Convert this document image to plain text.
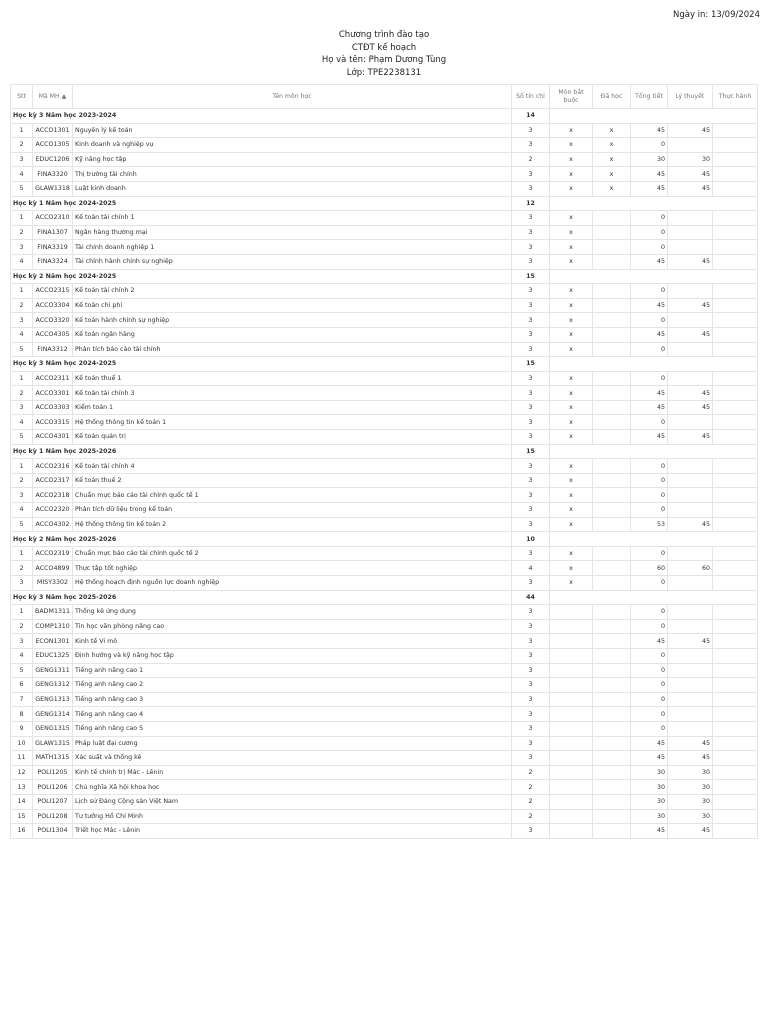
Ngày in: 13/09/2024
Chương trình đào tạo
CTĐT kế hoạch
Họ và tên: Phạm Dương Tùng
Lớp: TPE2238131
Stt	Mã MH ▲	Tên môn học	Số tín chỉ	Môn bắt buộc	Đã học	Tổng tiết	Lý thuyết	Thực hành
Học kỳ 3 Năm học 2023-2024			14					
1	ACCO1301	Nguyên lý kế toán	3	x	x	45	45	
2	ACCO1305	Kinh doanh và nghiệp vụ	3	x	x	0		
3	EDUC1206	Kỹ năng học tập	2	x	x	30	30	
4	FINA3320	Thị trường tài chính	3	x	x	45	45	
5	GLAW1318	Luật kinh doanh	3	x	x	45	45	
Học kỳ 1 Năm học 2024-2025			12					
1	ACCO2310	Kế toán tài chính 1	3	x		0		
2	FINA1307	Ngân hàng thương mại	3	x		0		
3	FINA3319	Tài chính doanh nghiệp 1	3	x		0		
4	FINA3324	Tài chính hành chính sự nghiệp	3	x		45	45	
Học kỳ 2 Năm học 2024-2025			15					
1	ACCO2315	Kế toán tài chính 2	3	x		0		
2	ACCO3304	Kế toán chi phí	3	x		45	45	
3	ACCO3320	Kế toán hành chính sự nghiệp	3	x		0		
4	ACCO4305	Kế toán ngân hàng	3	x		45	45	
5	FINA3312	Phân tích báo cáo tài chính	3	x		0		
Học kỳ 3 Năm học 2024-2025			15					
1	ACCO2311	Kế toán thuế 1	3	x		0		
2	ACCO3301	Kế toán tài chính 3	3	x		45	45	
3	ACCO3303	Kiểm toán 1	3	x		45	45	
4	ACCO3315	Hệ thống thông tin kế toán 1	3	x		0		
5	ACCO4301	Kế toán quản trị	3	x		45	45	
Học kỳ 1 Năm học 2025-2026			15					
1	ACCO2316	Kế toán tài chính 4	3	x		0		
2	ACCO2317	Kế toán thuế 2	3	x		0		
3	ACCO2318	Chuẩn mực báo cáo tài chính quốc tế 1	3	x		0		
4	ACCO2320	Phân tích dữ liệu trong kế toán	3	x		0		
5	ACCO4302	Hệ thống thông tin kế toán 2	3	x		53	45	
Học kỳ 2 Năm học 2025-2026			10					
1	ACCO2319	Chuẩn mực báo cáo tài chính quốc tế 2	3	x		0		
2	ACCO4899	Thực tập tốt nghiệp	4	x		60	60	
3	MISY3302	Hệ thống hoạch định nguồn lực doanh nghiệp	3	x		0		
Học kỳ 3 Năm học 2025-2026			44					
1	BADM1311	Thống kê ứng dụng	3			0		
2	COMP1310	Tin học văn phòng nâng cao	3			0		
3	ECON1301	Kinh tế Vi mô	3			45	45	
4	EDUC1325	Định hướng và kỹ năng học tập	3			0		
5	GENG1311	Tiếng anh nâng cao 1	3			0		
6	GENG1312	Tiếng anh nâng cao 2	3			0		
7	GENG1313	Tiếng anh nâng cao 3	3			0		
8	GENG1314	Tiếng anh nâng cao 4	3			0		
9	GENG1315	Tiếng anh nâng cao 5	3			0		
10	GLAW1315	Pháp luật đại cương	3			45	45	
11	MATH1315	Xác suất và thống kê	3			45	45	
12	POLI1205	Kinh tế chính trị Mác - Lênin	2			30	30	
13	POLI1206	Chủ nghĩa Xã hội khoa học	2			30	30	
14	POLI1207	Lịch sử Đảng Cộng sản Việt Nam	2			30	30	
15	POLI1208	Tư tưởng Hồ Chí Minh	2			30	30	
16	POLI1304	Triết học Mác - Lênin	3			45	45	
